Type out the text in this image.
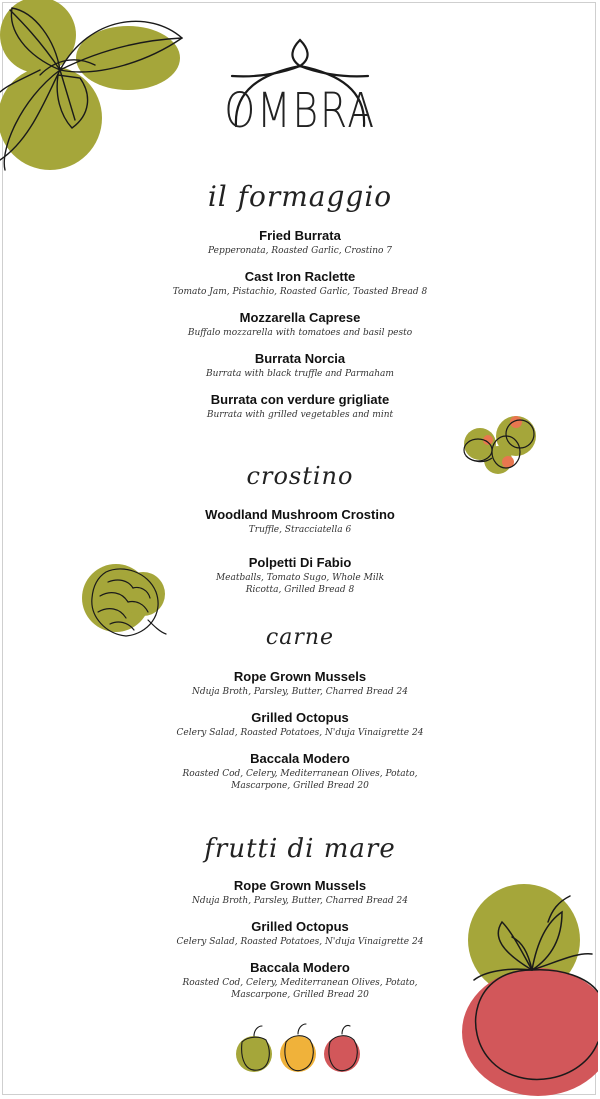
OMBRA
il formaggio
Fried Burrata
Pepperonata, Roasted Garlic, Crostino 7
Cast Iron Raclette
Tomato Jam, Pistachio, Roasted Garlic, Toasted Bread 8
Mozzarella Caprese
Buffalo mozzarella with tomatoes and basil pesto
Burrata Norcia
Burrata with black truffle and Parmaham
Burrata con verdure grigliate
Burrata with grilled vegetables and mint
crostino
Woodland Mushroom Crostino
Truffle, Stracciatella 6
Polpetti Di Fabio
Meatballs, Tomato Sugo, Whole Milk
Ricotta, Grilled Bread 8
carne
Rope Grown Mussels
Nduja Broth, Parsley, Butter, Charred Bread 24
Grilled Octopus
Celery Salad, Roasted Potatoes, N'duja Vinaigrette 24
Baccala Modero
Roasted Cod, Celery, Mediterranean Olives, Potato,
Mascarpone, Grilled Bread 20
frutti di mare
Rope Grown Mussels
Nduja Broth, Parsley, Butter, Charred Bread 24
Grilled Octopus
Celery Salad, Roasted Potatoes, N'duja Vinaigrette 24
Baccala Modero
Roasted Cod, Celery, Mediterranean Olives, Potato,
Mascarpone, Grilled Bread 20
